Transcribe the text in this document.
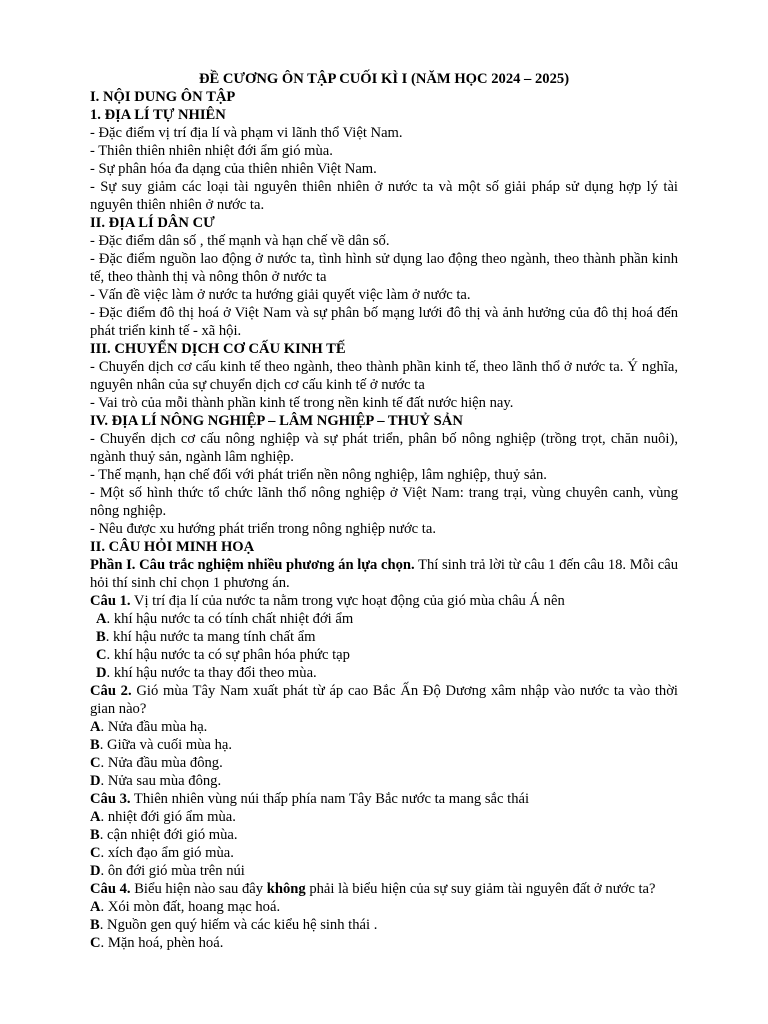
ĐỀ CƯƠNG ÔN TẬP CUỐI KÌ I (NĂM HỌC 2024 – 2025)
I. NỘI DUNG ÔN TẬP
1. ĐỊA LÍ TỰ NHIÊN
- Đặc điểm vị trí địa lí và phạm vi lãnh thổ Việt Nam.
- Thiên thiên nhiên nhiệt đới ẩm gió mùa.
- Sự phân hóa đa dạng của thiên nhiên Việt Nam.
- Sự suy giảm các loại tài nguyên thiên nhiên ở nước ta và một số giải pháp sử dụng hợp lý tài nguyên thiên nhiên ở nước ta.
II. ĐỊA LÍ DÂN CƯ
- Đặc điểm dân số , thế mạnh và hạn chế về dân số.
- Đặc điểm nguồn lao động ở nước ta, tình hình sử dụng lao động theo ngành, theo thành phần kinh tế, theo thành thị và nông thôn ở nước ta
- Vấn đề việc làm ở nước ta hướng giải quyết việc làm ở nước ta.
- Đặc điểm đô thị hoá ở Việt Nam và sự phân bố mạng lưới đô thị và ảnh hưởng của đô thị hoá đến phát triển kinh tế - xã hội.
III. CHUYỂN DỊCH CƠ CẤU KINH TẾ
- Chuyển dịch cơ cấu kinh tế theo ngành, theo thành phần kinh tế, theo lãnh thổ ở nước ta. Ý nghĩa, nguyên nhân của sự chuyển dịch cơ cấu kinh tế ở nước ta
- Vai trò của mỗi thành phần kinh tế trong nền kinh tế đất nước hiện nay.
IV. ĐỊA LÍ NÔNG NGHIỆP – LÂM NGHIỆP – THUỶ SẢN
- Chuyển dịch cơ cấu nông nghiệp và sự phát triển, phân bố nông nghiệp (trồng trọt, chăn nuôi), ngành thuỷ sản, ngành lâm nghiệp.
- Thế mạnh, hạn chế đối với phát triển nền nông nghiệp, lâm nghiệp, thuỷ sản.
- Một số hình thức tổ chức lãnh thổ nông nghiệp ở Việt Nam: trang trại, vùng chuyên canh, vùng nông nghiệp.
- Nêu được xu hướng phát triển trong nông nghiệp nước ta.
II. CÂU HỎI MINH HOẠ
Phần I. Câu trắc nghiệm nhiều phương án lựa chọn. Thí sinh trả lời từ câu 1 đến câu 18. Mỗi câu hỏi thí sinh chỉ chọn 1 phương án.
Câu 1. Vị trí địa lí của nước ta nằm trong vực hoạt động của gió mùa châu Á nên
A. khí hậu nước ta có tính chất nhiệt đới ẩm
B. khí hậu nước ta mang tính chất ẩm
C. khí hậu nước ta có sự phân hóa phức tạp
D. khí hậu nước ta thay đổi theo mùa.
Câu 2. Gió mùa Tây Nam xuất phát từ áp cao Bắc Ấn Độ Dương xâm nhập vào nước ta vào thời gian nào?
A. Nửa đầu mùa hạ.
B. Giữa và cuối mùa hạ.
C. Nửa đầu mùa đông.
D. Nửa sau mùa đông.
Câu 3. Thiên nhiên vùng núi thấp phía nam Tây Bắc nước ta mang sắc thái
A. nhiệt đới gió ẩm mùa.
B. cận nhiệt đới gió mùa.
C. xích đạo ẩm gió mùa.
D. ôn đới gió mùa trên núi
Câu 4. Biểu hiện nào sau đây không phải là biểu hiện của sự suy giảm tài nguyên đất ở nước ta?
A. Xói mòn đất, hoang mạc hoá.
B. Nguồn gen quý hiếm và các kiểu hệ sinh thái .
C. Mặn hoá, phèn hoá.
